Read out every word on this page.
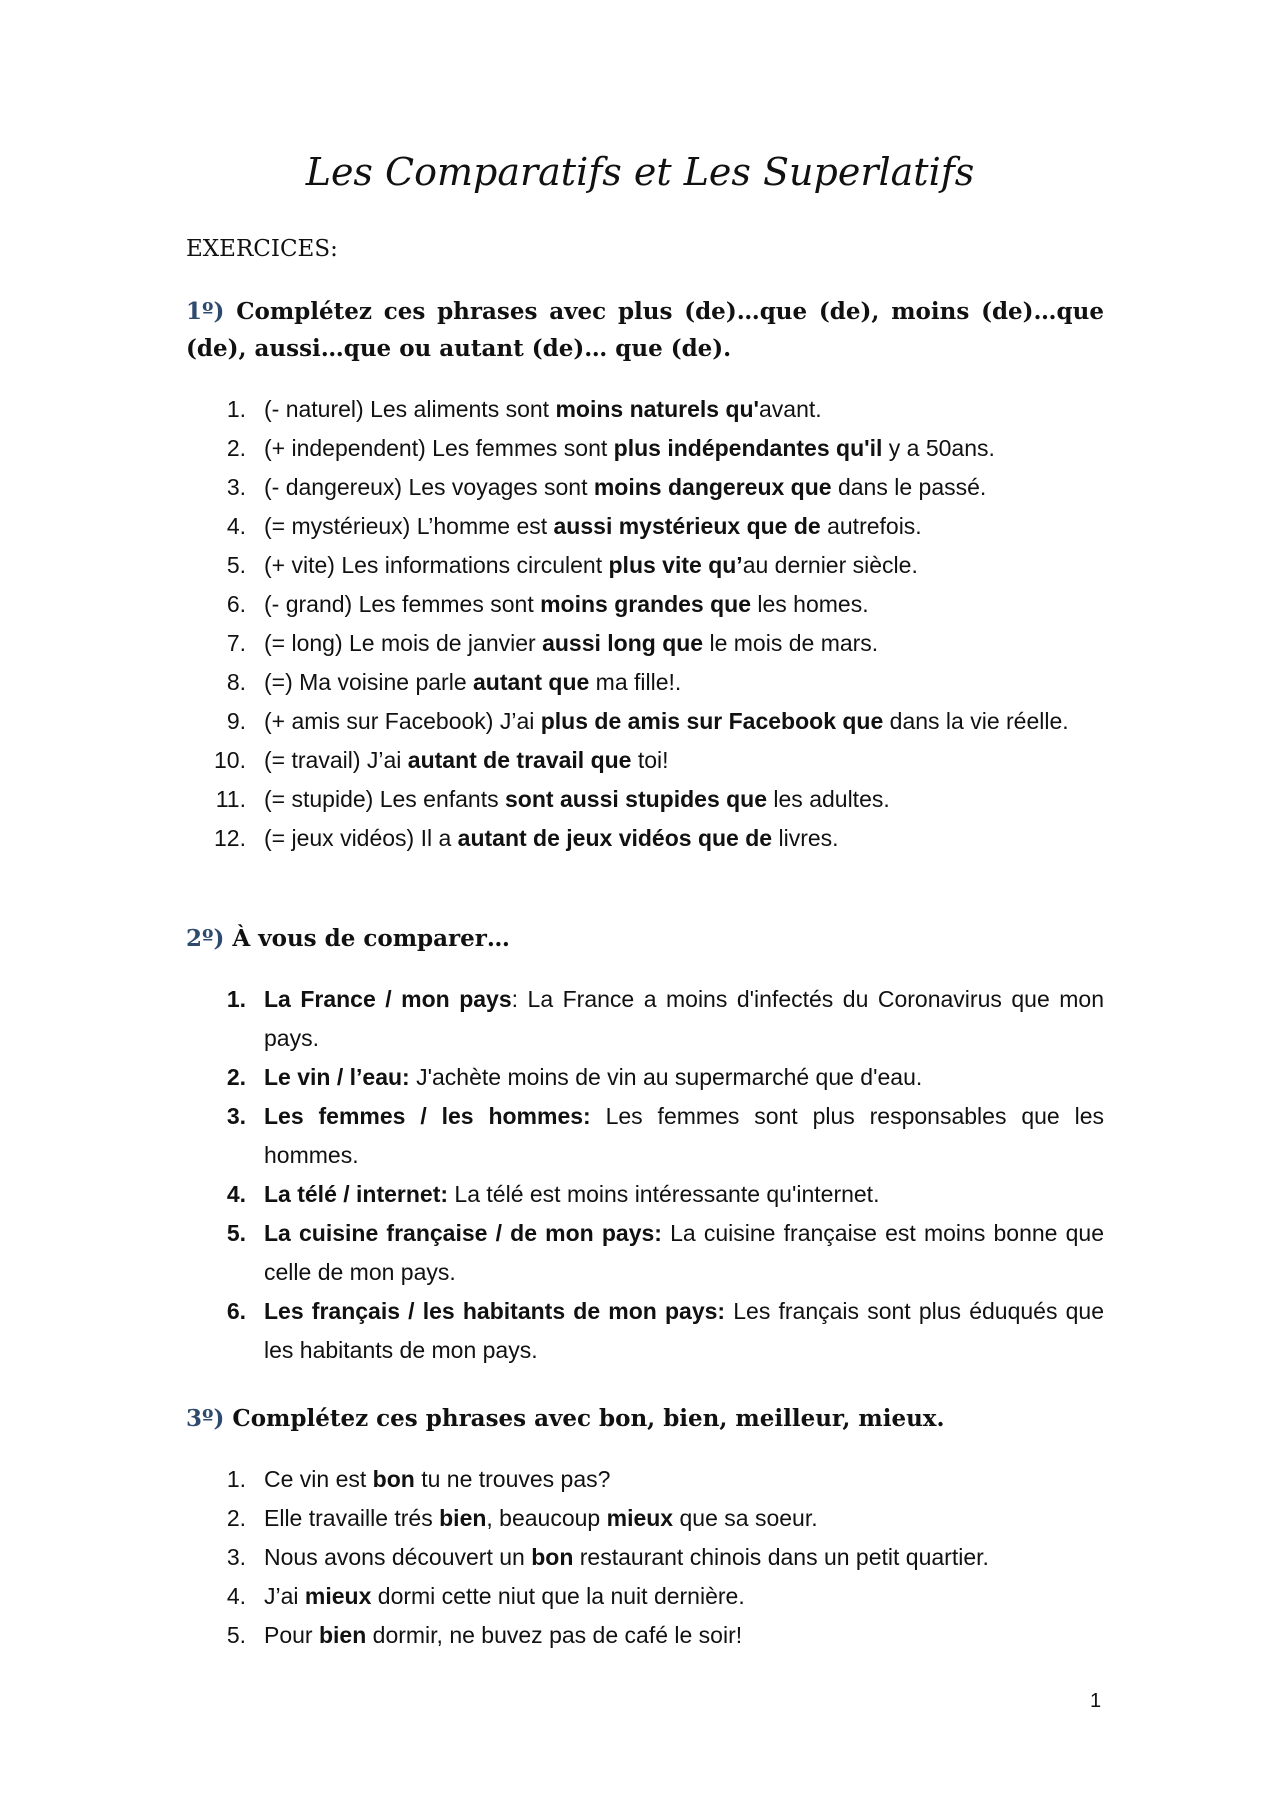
Les Comparatifs et Les Superlatifs

EXERCICES:

1º) Complétez ces phrases avec plus (de)…que (de), moins (de)…que (de), aussi…que ou autant (de)… que (de).

1. (- naturel) Les aliments sont moins naturels qu'avant.
2. (+ independent) Les femmes sont plus indépendantes qu'il y a 50ans.
3. (- dangereux) Les voyages sont moins dangereux que dans le passé.
4. (= mystérieux) L’homme est aussi mystérieux que de autrefois.
5. (+ vite) Les informations circulent plus vite qu’au dernier siècle.
6. (- grand) Les femmes sont moins grandes que les homes.
7. (= long) Le mois de janvier aussi long que le mois de mars.
8. (=) Ma voisine parle autant que ma fille!.
9. (+ amis sur Facebook) J’ai plus de amis sur Facebook que dans la vie réelle.
10. (= travail) J’ai autant de travail que toi!
11. (= stupide) Les enfants sont aussi stupides que les adultes.
12. (= jeux vidéos) Il a autant de jeux vidéos que de livres.

2º) À vous de comparer…

1. La France / mon pays: La France a moins d'infectés du Coronavirus que mon pays.
2. Le vin / l’eau: J'achète moins de vin au supermarché que d'eau.
3. Les femmes / les hommes: Les femmes sont plus responsables que les hommes.
4. La télé / internet: La télé est moins intéressante qu'internet.
5. La cuisine française / de mon pays: La cuisine française est moins bonne que celle de mon pays.
6. Les français / les habitants de mon pays: Les français sont plus éduqués que les habitants de mon pays.

3º) Complétez ces phrases avec bon, bien, meilleur, mieux.

1. Ce vin est bon tu ne trouves pas?
2. Elle travaille trés bien, beaucoup mieux que sa soeur.
3. Nous avons découvert un bon restaurant chinois dans un petit quartier.
4. J’ai mieux dormi cette niut que la nuit dernière.
5. Pour bien dormir, ne buvez pas de café le soir!

1
